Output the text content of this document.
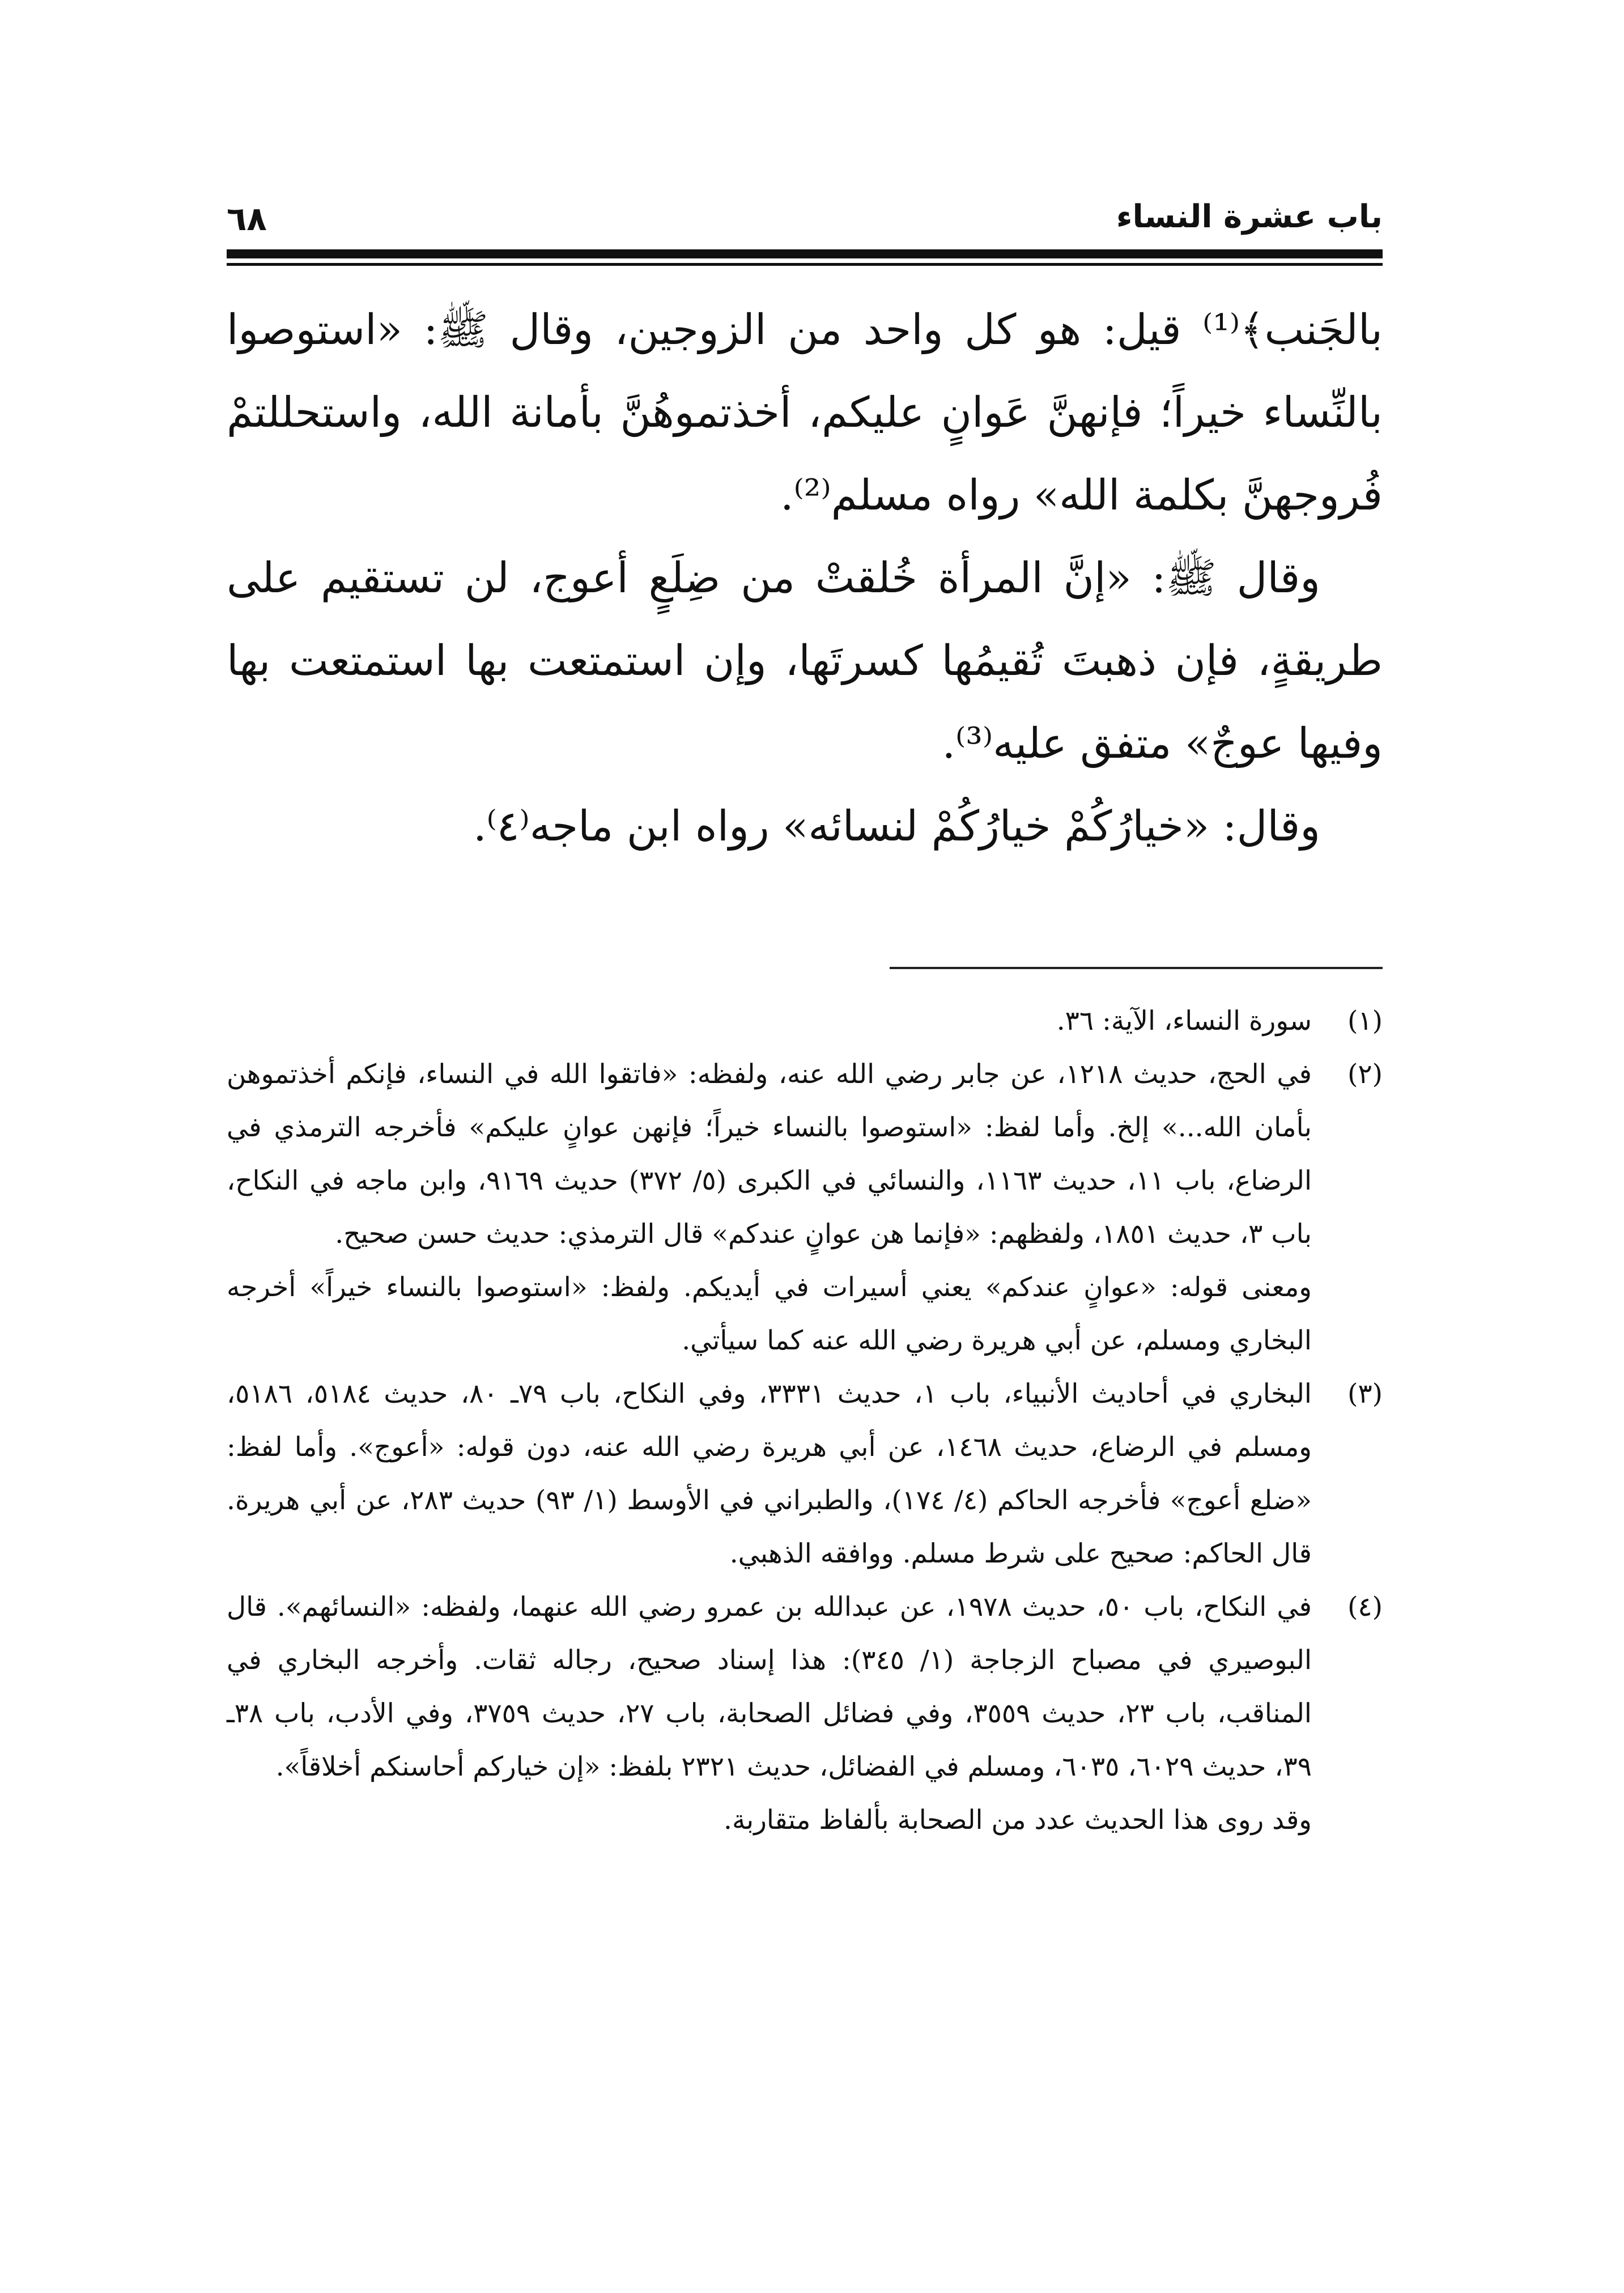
باب عشرة النساء
٦٨

بالجَنب﴾⁽¹⁾ قيل: هو كل واحد من الزوجين، وقال ﷺ: «استوصوا بالنِّساء خيراً؛ فإنهنَّ عَوانٍ عليكم، أخذتموهُنَّ بأمانة الله، واستحللتمْ فُروجهنَّ بكلمة الله» رواه مسلم⁽²⁾.

وقال ﷺ: «إنَّ المرأة خُلقتْ من ضِلَعٍ أعوج، لن تستقيم على طريقةٍ، فإن ذهبتَ تُقيمُها كسرتَها، وإن استمتعت بها استمتعت بها وفيها عوجٌ» متفق عليه⁽³⁾.

وقال: «خيارُكُمْ خيارُكُمْ لنسائه» رواه ابن ماجه⁽٤⁾.

(١)

سورة النساء، الآية: ٣٦.

(٢)

في الحج، حديث ١٢١٨، عن جابر رضي الله عنه، ولفظه: «فاتقوا الله في النساء، فإنكم أخذتموهن بأمان الله...» إلخ. وأما لفظ: «استوصوا بالنساء خيراً؛ فإنهن عوانٍ عليكم» فأخرجه الترمذي في الرضاع، باب ١١، حديث ١١٦٣، والنسائي في الكبرى (٥/ ٣٧٢) حديث ٩١٦٩، وابن ماجه في النكاح، باب ٣، حديث ١٨٥١، ولفظهم: «فإنما هن عوانٍ عندكم» قال الترمذي: حديث حسن صحيح.

ومعنى قوله: «عوانٍ عندكم» يعني أسيرات في أيديكم. ولفظ: «استوصوا بالنساء خيراً» أخرجه البخاري ومسلم، عن أبي هريرة رضي الله عنه كما سيأتي.

(٣)

البخاري في أحاديث الأنبياء، باب ١، حديث ٣٣٣١، وفي النكاح، باب ٧٩ـ ٨٠، حديث ٥١٨٤، ٥١٨٦، ومسلم في الرضاع، حديث ١٤٦٨، عن أبي هريرة رضي الله عنه، دون قوله: «أعوج». وأما لفظ: «ضلع أعوج» فأخرجه الحاكم (٤/ ١٧٤)، والطبراني في الأوسط (١/ ٩٣) حديث ٢٨٣، عن أبي هريرة. قال الحاكم: صحيح على شرط مسلم. ووافقه الذهبي.

(٤)

في النكاح، باب ٥٠، حديث ١٩٧٨، عن عبدالله بن عمرو رضي الله عنهما، ولفظه: «النسائهم». قال البوصيري في مصباح الزجاجة (١/ ٣٤٥): هذا إسناد صحيح، رجاله ثقات. وأخرجه البخاري في المناقب، باب ٢٣، حديث ٣٥٥٩، وفي فضائل الصحابة، باب ٢٧، حديث ٣٧٥٩، وفي الأدب، باب ٣٨ـ ٣٩، حديث ٦٠٢٩، ٦٠٣٥، ومسلم في الفضائل، حديث ٢٣٢١ بلفظ: «إن خياركم أحاسنكم أخلاقاً».

وقد روى هذا الحديث عدد من الصحابة بألفاظ متقاربة.
